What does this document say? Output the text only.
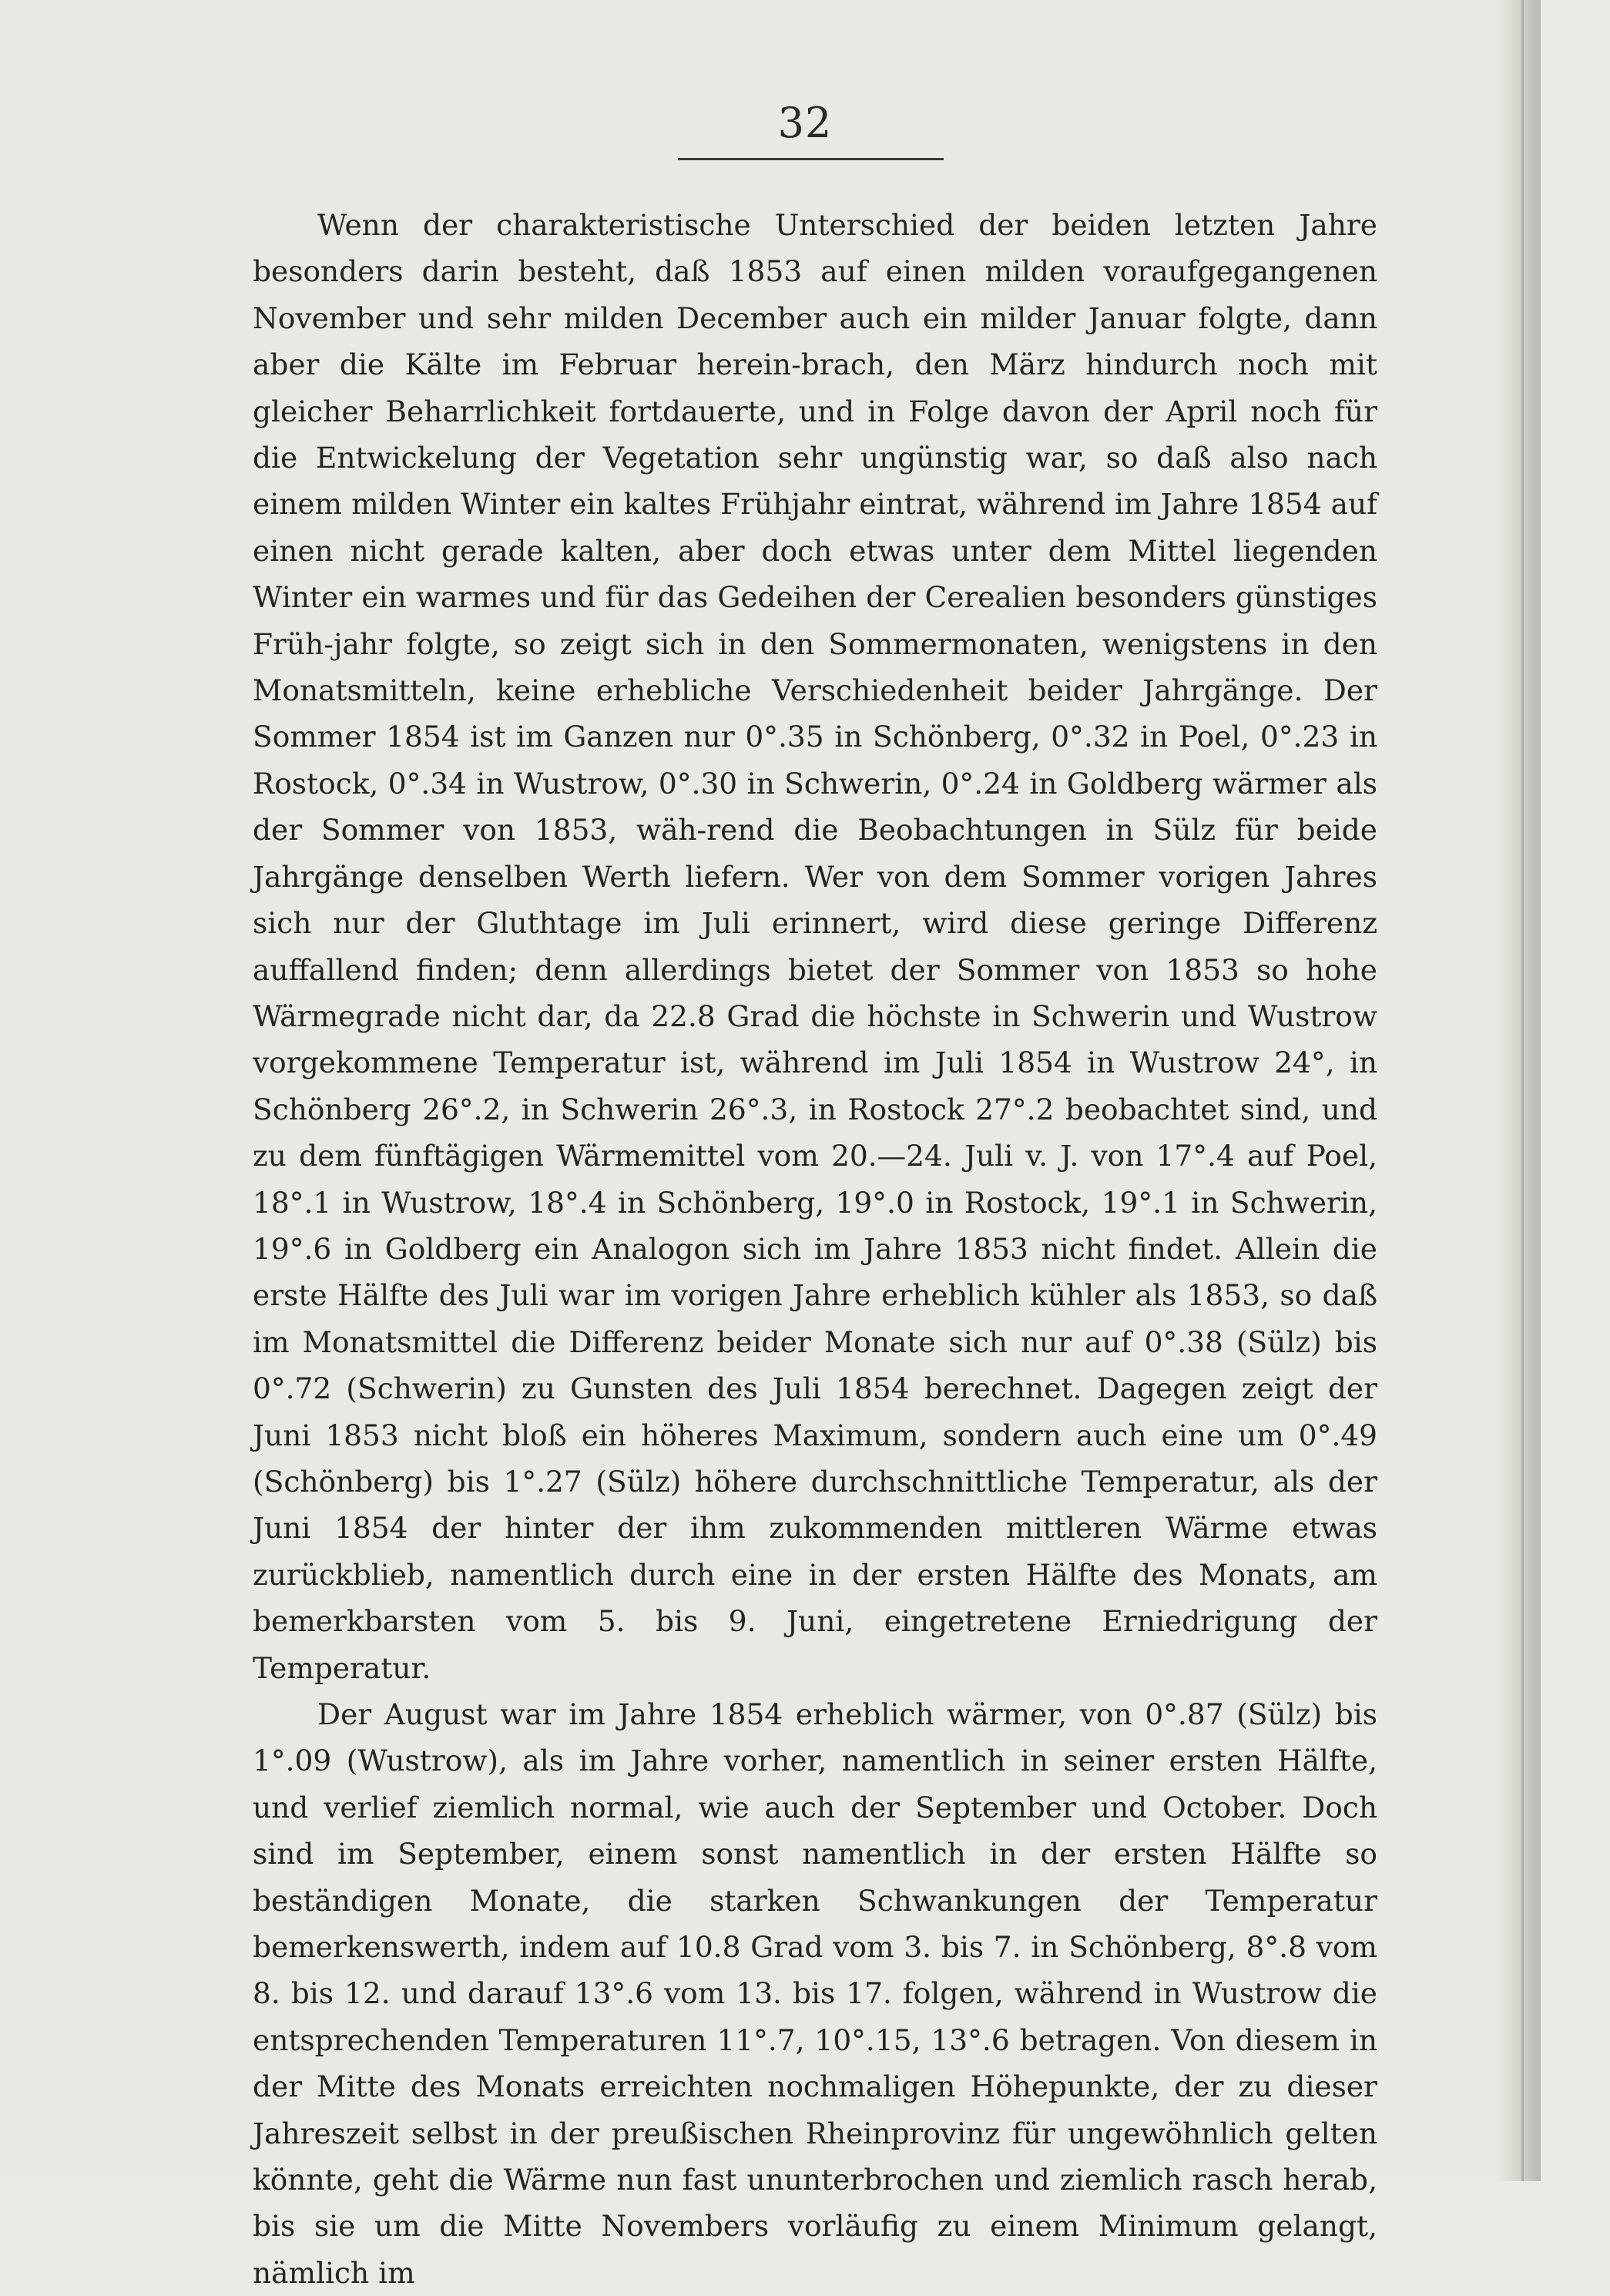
32

Wenn der charakteristische Unterschied der beiden letzten Jahre besonders darin besteht, daß 1853 auf einen milden voraufgegangenen November und sehr milden December auch ein milder Januar folgte, dann aber die Kälte im Februar herein-brach, den März hindurch noch mit gleicher Beharrlichkeit fortdauerte, und in Folge davon der April noch für die Entwickelung der Vegetation sehr ungünstig war, so daß also nach einem milden Winter ein kaltes Frühjahr eintrat, während im Jahre 1854 auf einen nicht gerade kalten, aber doch etwas unter dem Mittel liegenden Winter ein warmes und für das Gedeihen der Cerealien besonders günstiges Früh-jahr folgte, so zeigt sich in den Sommermonaten, wenigstens in den Monatsmitteln, keine erhebliche Verschiedenheit beider Jahrgänge. Der Sommer 1854 ist im Ganzen nur 0°.35 in Schönberg, 0°.32 in Poel, 0°.23 in Rostock, 0°.34 in Wustrow, 0°.30 in Schwerin, 0°.24 in Goldberg wärmer als der Sommer von 1853, wäh-rend die Beobachtungen in Sülz für beide Jahrgänge denselben Werth liefern. Wer von dem Sommer vorigen Jahres sich nur der Gluthtage im Juli erinnert, wird diese geringe Differenz auffallend finden; denn allerdings bietet der Sommer von 1853 so hohe Wärmegrade nicht dar, da 22.8 Grad die höchste in Schwerin und Wustrow vorgekommene Temperatur ist, während im Juli 1854 in Wustrow 24°, in Schönberg 26°.2, in Schwerin 26°.3, in Rostock 27°.2 beobachtet sind, und zu dem fünftägigen Wärmemittel vom 20.—24. Juli v. J. von 17°.4 auf Poel, 18°.1 in Wustrow, 18°.4 in Schönberg, 19°.0 in Rostock, 19°.1 in Schwerin, 19°.6 in Goldberg ein Analogon sich im Jahre 1853 nicht findet. Allein die erste Hälfte des Juli war im vorigen Jahre erheblich kühler als 1853, so daß im Monatsmittel die Differenz beider Monate sich nur auf 0°.38 (Sülz) bis 0°.72 (Schwerin) zu Gunsten des Juli 1854 berechnet. Dagegen zeigt der Juni 1853 nicht bloß ein höheres Maximum, sondern auch eine um 0°.49 (Schönberg) bis 1°.27 (Sülz) höhere durchschnittliche Temperatur, als der Juni 1854 der hinter der ihm zukommenden mittleren Wärme etwas zurückblieb, namentlich durch eine in der ersten Hälfte des Monats, am bemerkbarsten vom 5. bis 9. Juni, eingetretene Erniedrigung der Temperatur.

Der August war im Jahre 1854 erheblich wärmer, von 0°.87 (Sülz) bis 1°.09 (Wustrow), als im Jahre vorher, namentlich in seiner ersten Hälfte, und verlief ziemlich normal, wie auch der September und October. Doch sind im September, einem sonst namentlich in der ersten Hälfte so beständigen Monate, die starken Schwankungen der Temperatur bemerkenswerth, indem auf 10.8 Grad vom 3. bis 7. in Schönberg, 8°.8 vom 8. bis 12. und darauf 13°.6 vom 13. bis 17. folgen, während in Wustrow die entsprechenden Temperaturen 11°.7, 10°.15, 13°.6 betragen. Von diesem in der Mitte des Monats erreichten nochmaligen Höhepunkte, der zu dieser Jahreszeit selbst in der preußischen Rheinprovinz für ungewöhnlich gelten könnte, geht die Wärme nun fast ununterbrochen und ziemlich rasch herab, bis sie um die Mitte Novembers vorläufig zu einem Minimum gelangt, nämlich im
